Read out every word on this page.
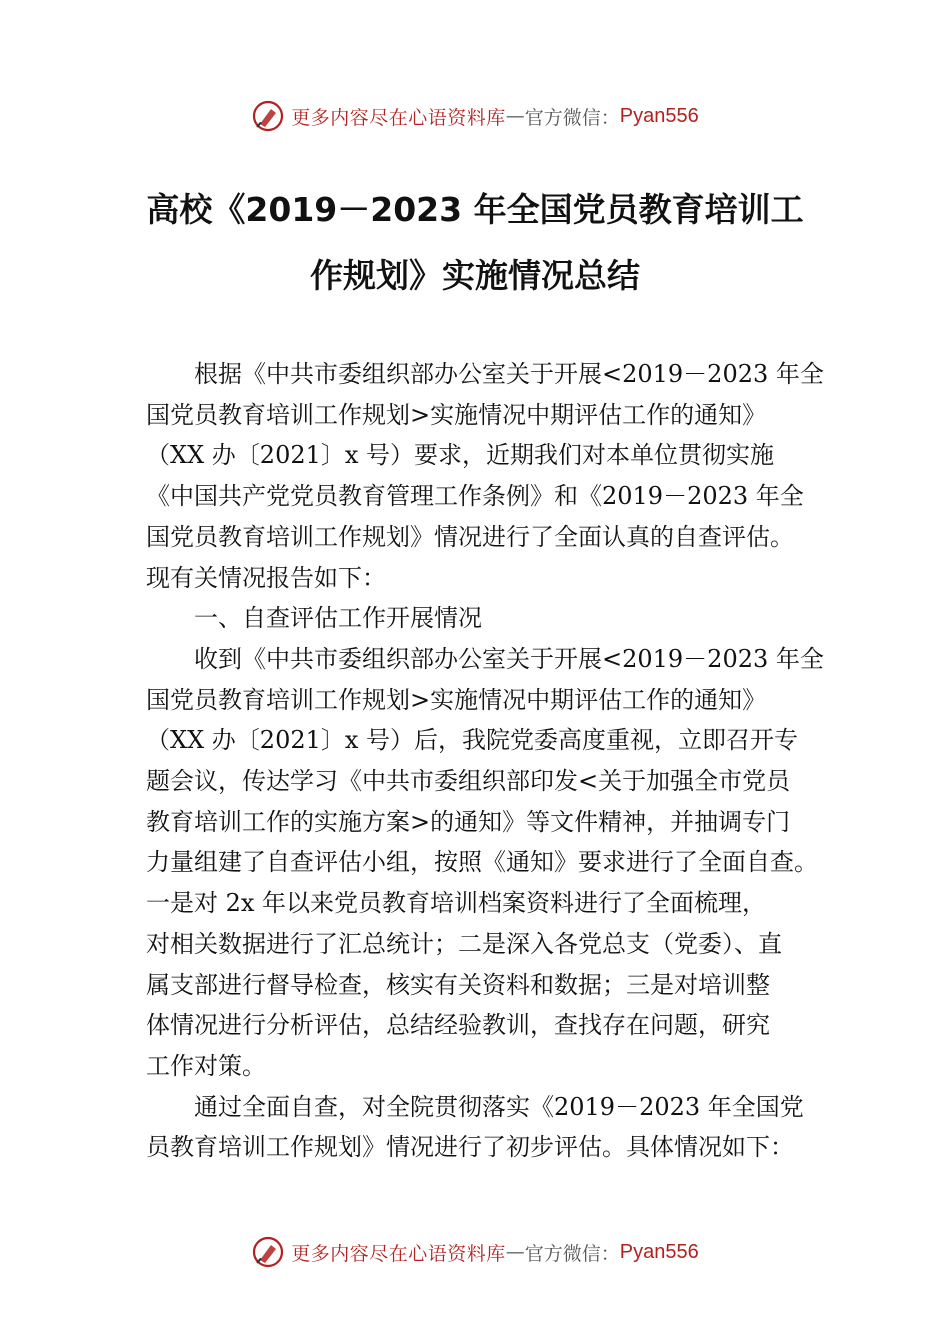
更多内容尽在心语资料库 — 官方微信： Pyan556
高校《2019－2023 年全国党员教育培训工
作规划》实施情况总结

根据《中共市委组织部办公室关于开展<2019－2023 年全
国党员教育培训工作规划>实施情况中期评估工作的通知》
（XX 办〔2021〕x 号）要求，近期我们对本单位贯彻实施
《中国共产党党员教育管理工作条例》和《2019－2023 年全
国党员教育培训工作规划》情况进行了全面认真的自查评估。
现有关情况报告如下：

一、自查评估工作开展情况

收到《中共市委组织部办公室关于开展<2019－2023 年全
国党员教育培训工作规划>实施情况中期评估工作的通知》
（XX 办〔2021〕x 号）后，我院党委高度重视，立即召开专
题会议，传达学习《中共市委组织部印发<关于加强全市党员
教育培训工作的实施方案>的通知》等文件精神，并抽调专门
力量组建了自查评估小组，按照《通知》要求进行了全面自查。
一是对 2x 年以来党员教育培训档案资料进行了全面梳理，
对相关数据进行了汇总统计；二是深入各党总支（党委）、直
属支部进行督导检查，核实有关资料和数据；三是对培训整
体情况进行分析评估，总结经验教训，查找存在问题，研究
工作对策。

通过全面自查，对全院贯彻落实《2019－2023 年全国党
员教育培训工作规划》情况进行了初步评估。具体情况如下：

更多内容尽在心语资料库 — 官方微信： Pyan556
